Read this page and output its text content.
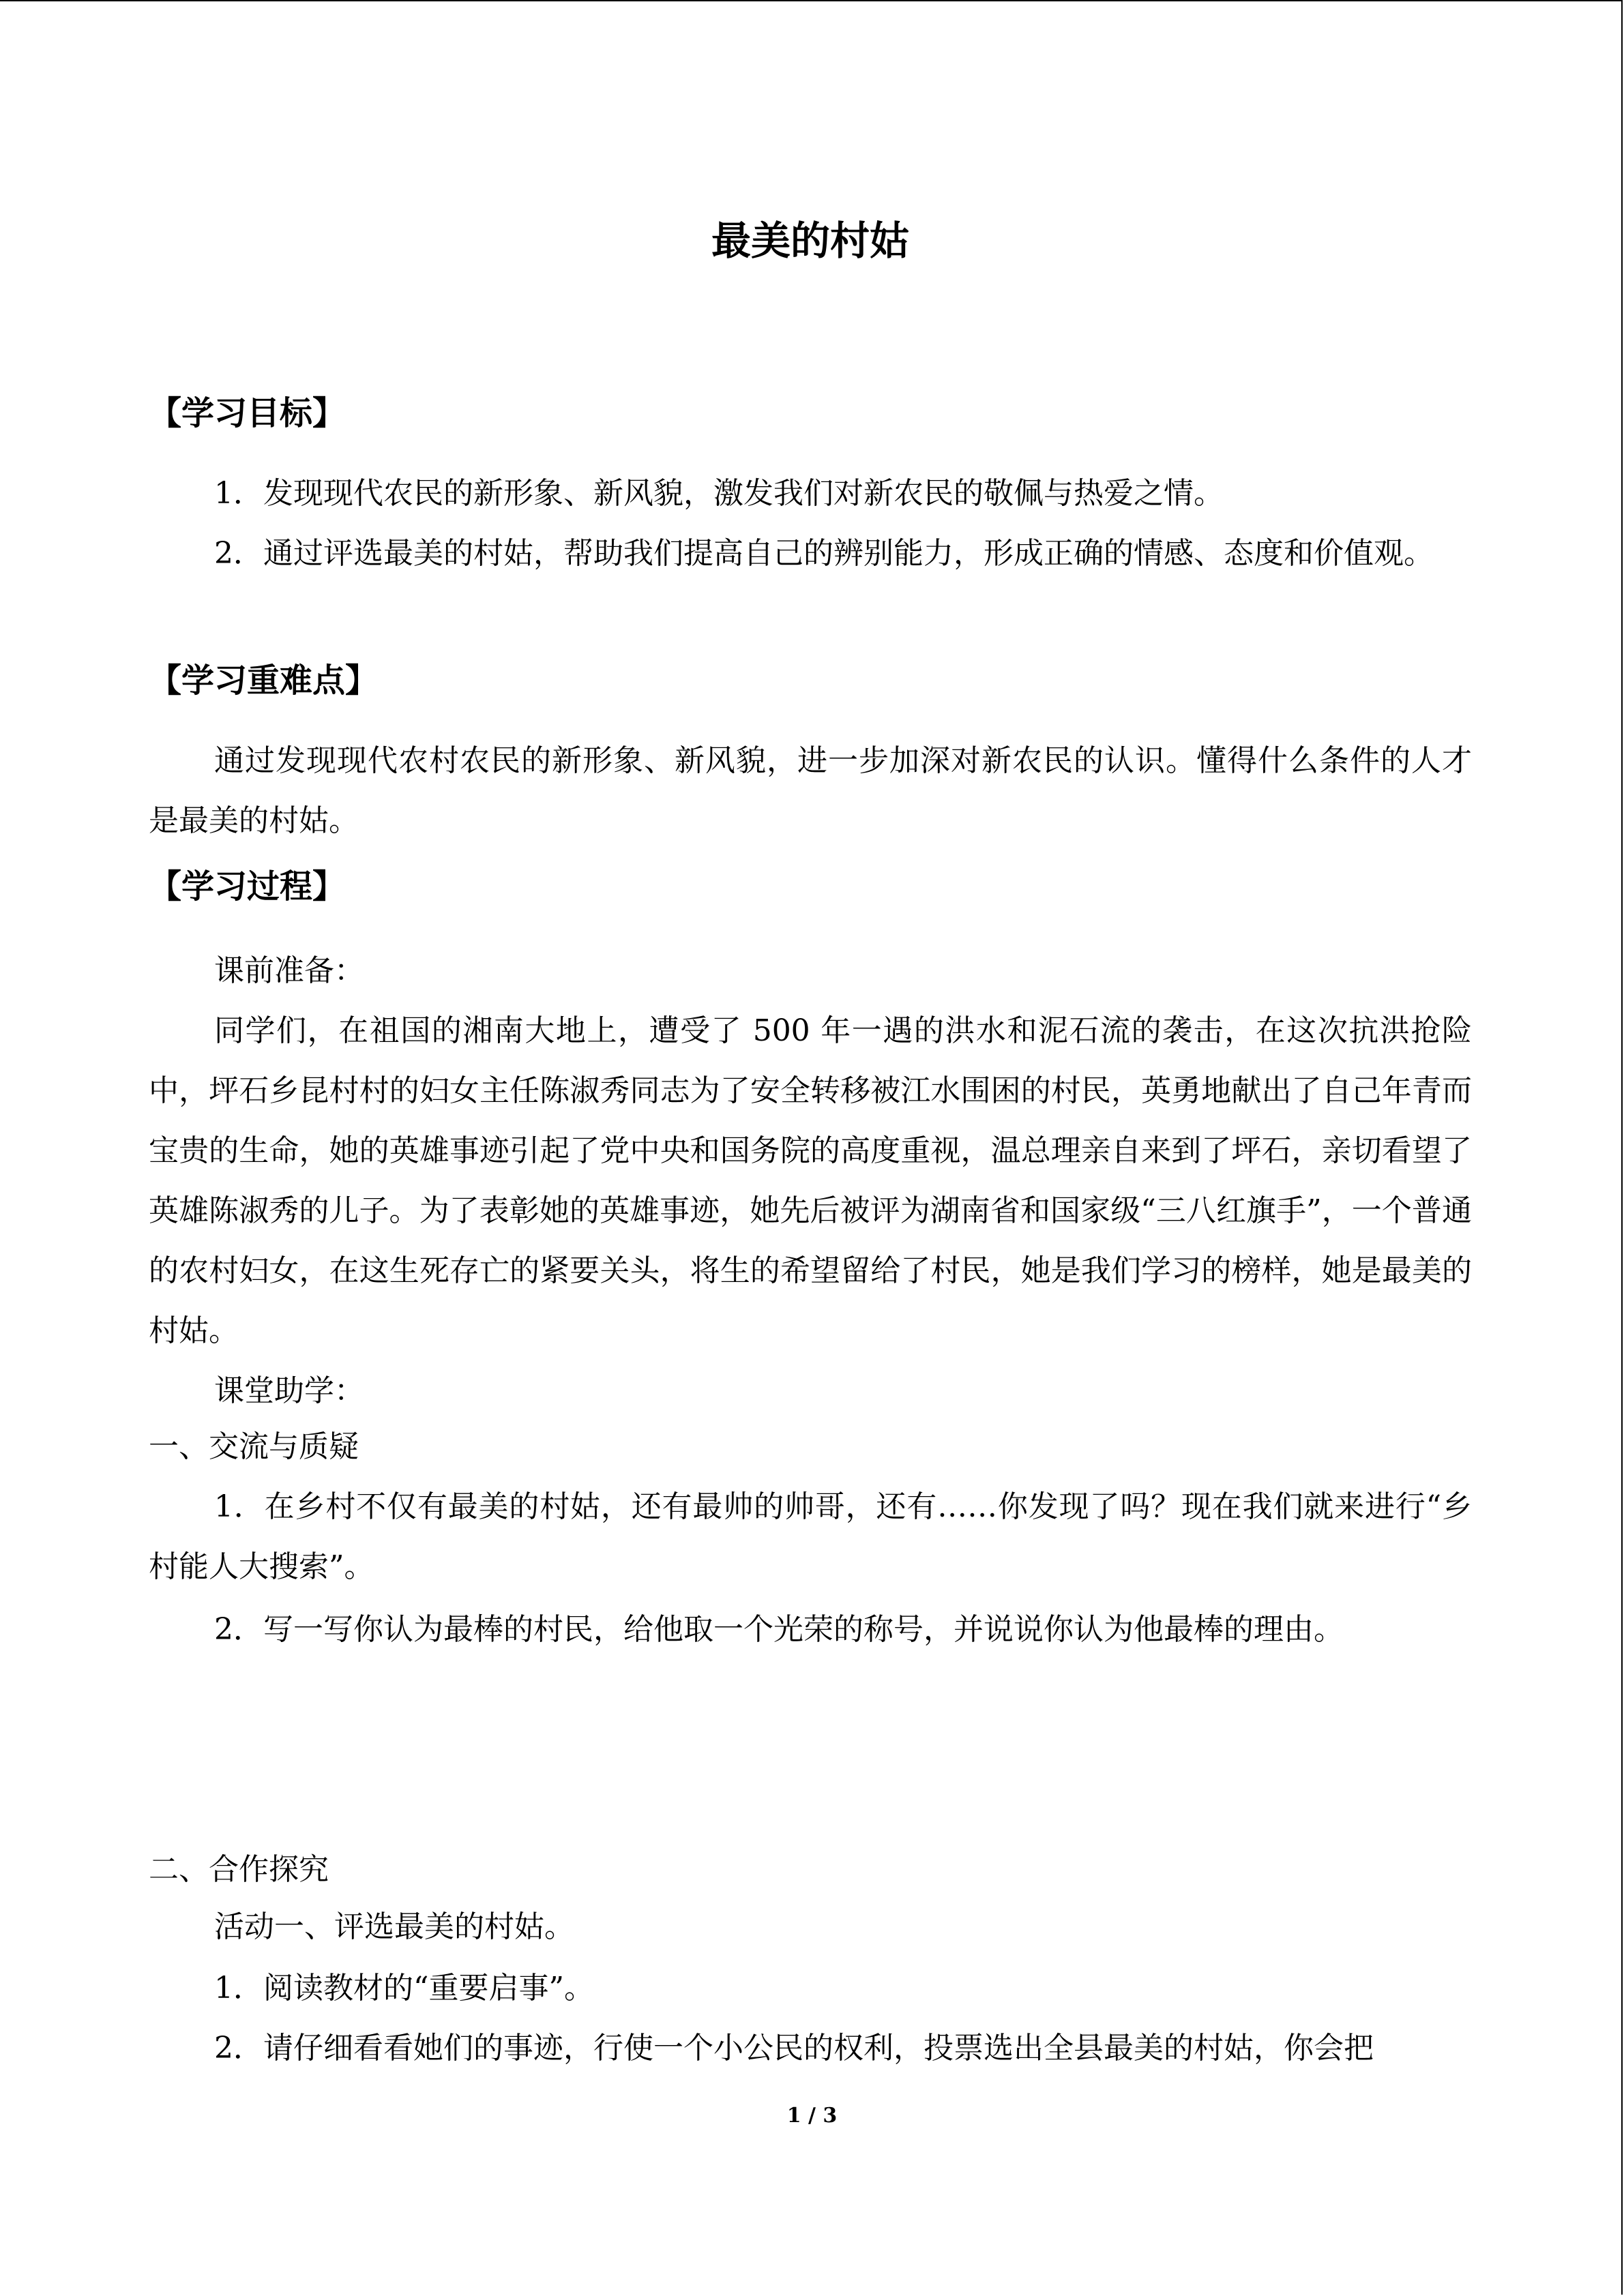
最美的村姑
【学习目标】

1．发现现代农民的新形象、新风貌，激发我们对新农民的敬佩与热爱之情。

2．通过评选最美的村姑，帮助我们提高自己的辨别能力，形成正确的情感、态度和价值观。

【学习重难点】

通过发现现代农村农民的新形象、新风貌，进一步加深对新农民的认识。懂得什么条件的人才是最美的村姑。

【学习过程】

课前准备：

同学们，在祖国的湘南大地上，遭受了 500 年一遇的洪水和泥石流的袭击，在这次抗洪抢险中，坪石乡昆村村的妇女主任陈淑秀同志为了安全转移被江水围困的村民，英勇地献出了自己年青而宝贵的生命，她的英雄事迹引起了党中央和国务院的高度重视，温总理亲自来到了坪石，亲切看望了英雄陈淑秀的儿子。为了表彰她的英雄事迹，她先后被评为湖南省和国家级“三八红旗手”，一个普通的农村妇女，在这生死存亡的紧要关头，将生的希望留给了村民，她是我们学习的榜样，她是最美的村姑。

课堂助学：

一、交流与质疑

1．在乡村不仅有最美的村姑，还有最帅的帅哥，还有……你发现了吗？现在我们就来进行“乡村能人大搜索”。

2．写一写你认为最棒的村民，给他取一个光荣的称号，并说说你认为他最棒的理由。

二、合作探究

活动一、评选最美的村姑。

1．阅读教材的“重要启事”。

2．请仔细看看她们的事迹，行使一个小公民的权利，投票选出全县最美的村姑，你会把

1 / 3
